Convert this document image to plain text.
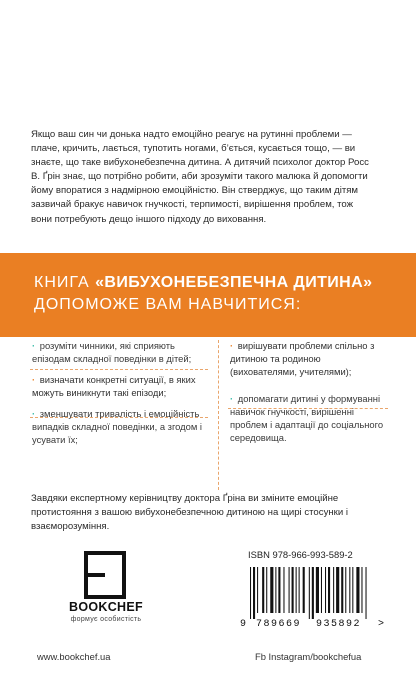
Якщо ваш син чи донька надто емоційно реагує на рутинні проблеми — плаче, кричить, лається, тупотить ногами, б’ється, кусається тощо, — ви знаєте, що таке вибухонебезпечна дитина. А дитячий психолог доктор Росс В. Ґрін знає, що потрібно робити, аби зрозуміти такого малюка й допомогти йому впоратися з надмірною емоційністю. Він стверджує, що таким дітям зазвичай бракує навичок гнучкості, терпимості, вирішення проблем, тож вони потребують дещо іншого підходу до виховання.

КНИГА «ВИБУХОНЕБЕЗПЕЧНА ДИТИНА» ДОПОМОЖЕ ВАМ НАВЧИТИСЯ:

· розуміти чинники, які сприяють епізодам складної поведінки в дітей;
· визначати конкретні ситуації, в яких можуть виникнути такі епізоди;
· зменшувати тривалість і емоційність випадків складної поведінки, а згодом і усувати їх;
· вирішувати проблеми спільно з дитиною та родиною (вихователями, учителями);
· допомагати дитині у формуванні навичок гнучкості, вирішенні проблем і адаптації до соціального середовища.

Завдяки експертному керівництву доктора Ґріна ви зміните емоційне протистояння з вашою вибухонебезпечною дитиною на щирі стосунки і взаєморозуміння.

BOOKCHEF
формує особистість
ISBN 978-966-993-589-2
9 789669 935892 >
www.bookchef.ua	Fb Instagram/bookchefua
